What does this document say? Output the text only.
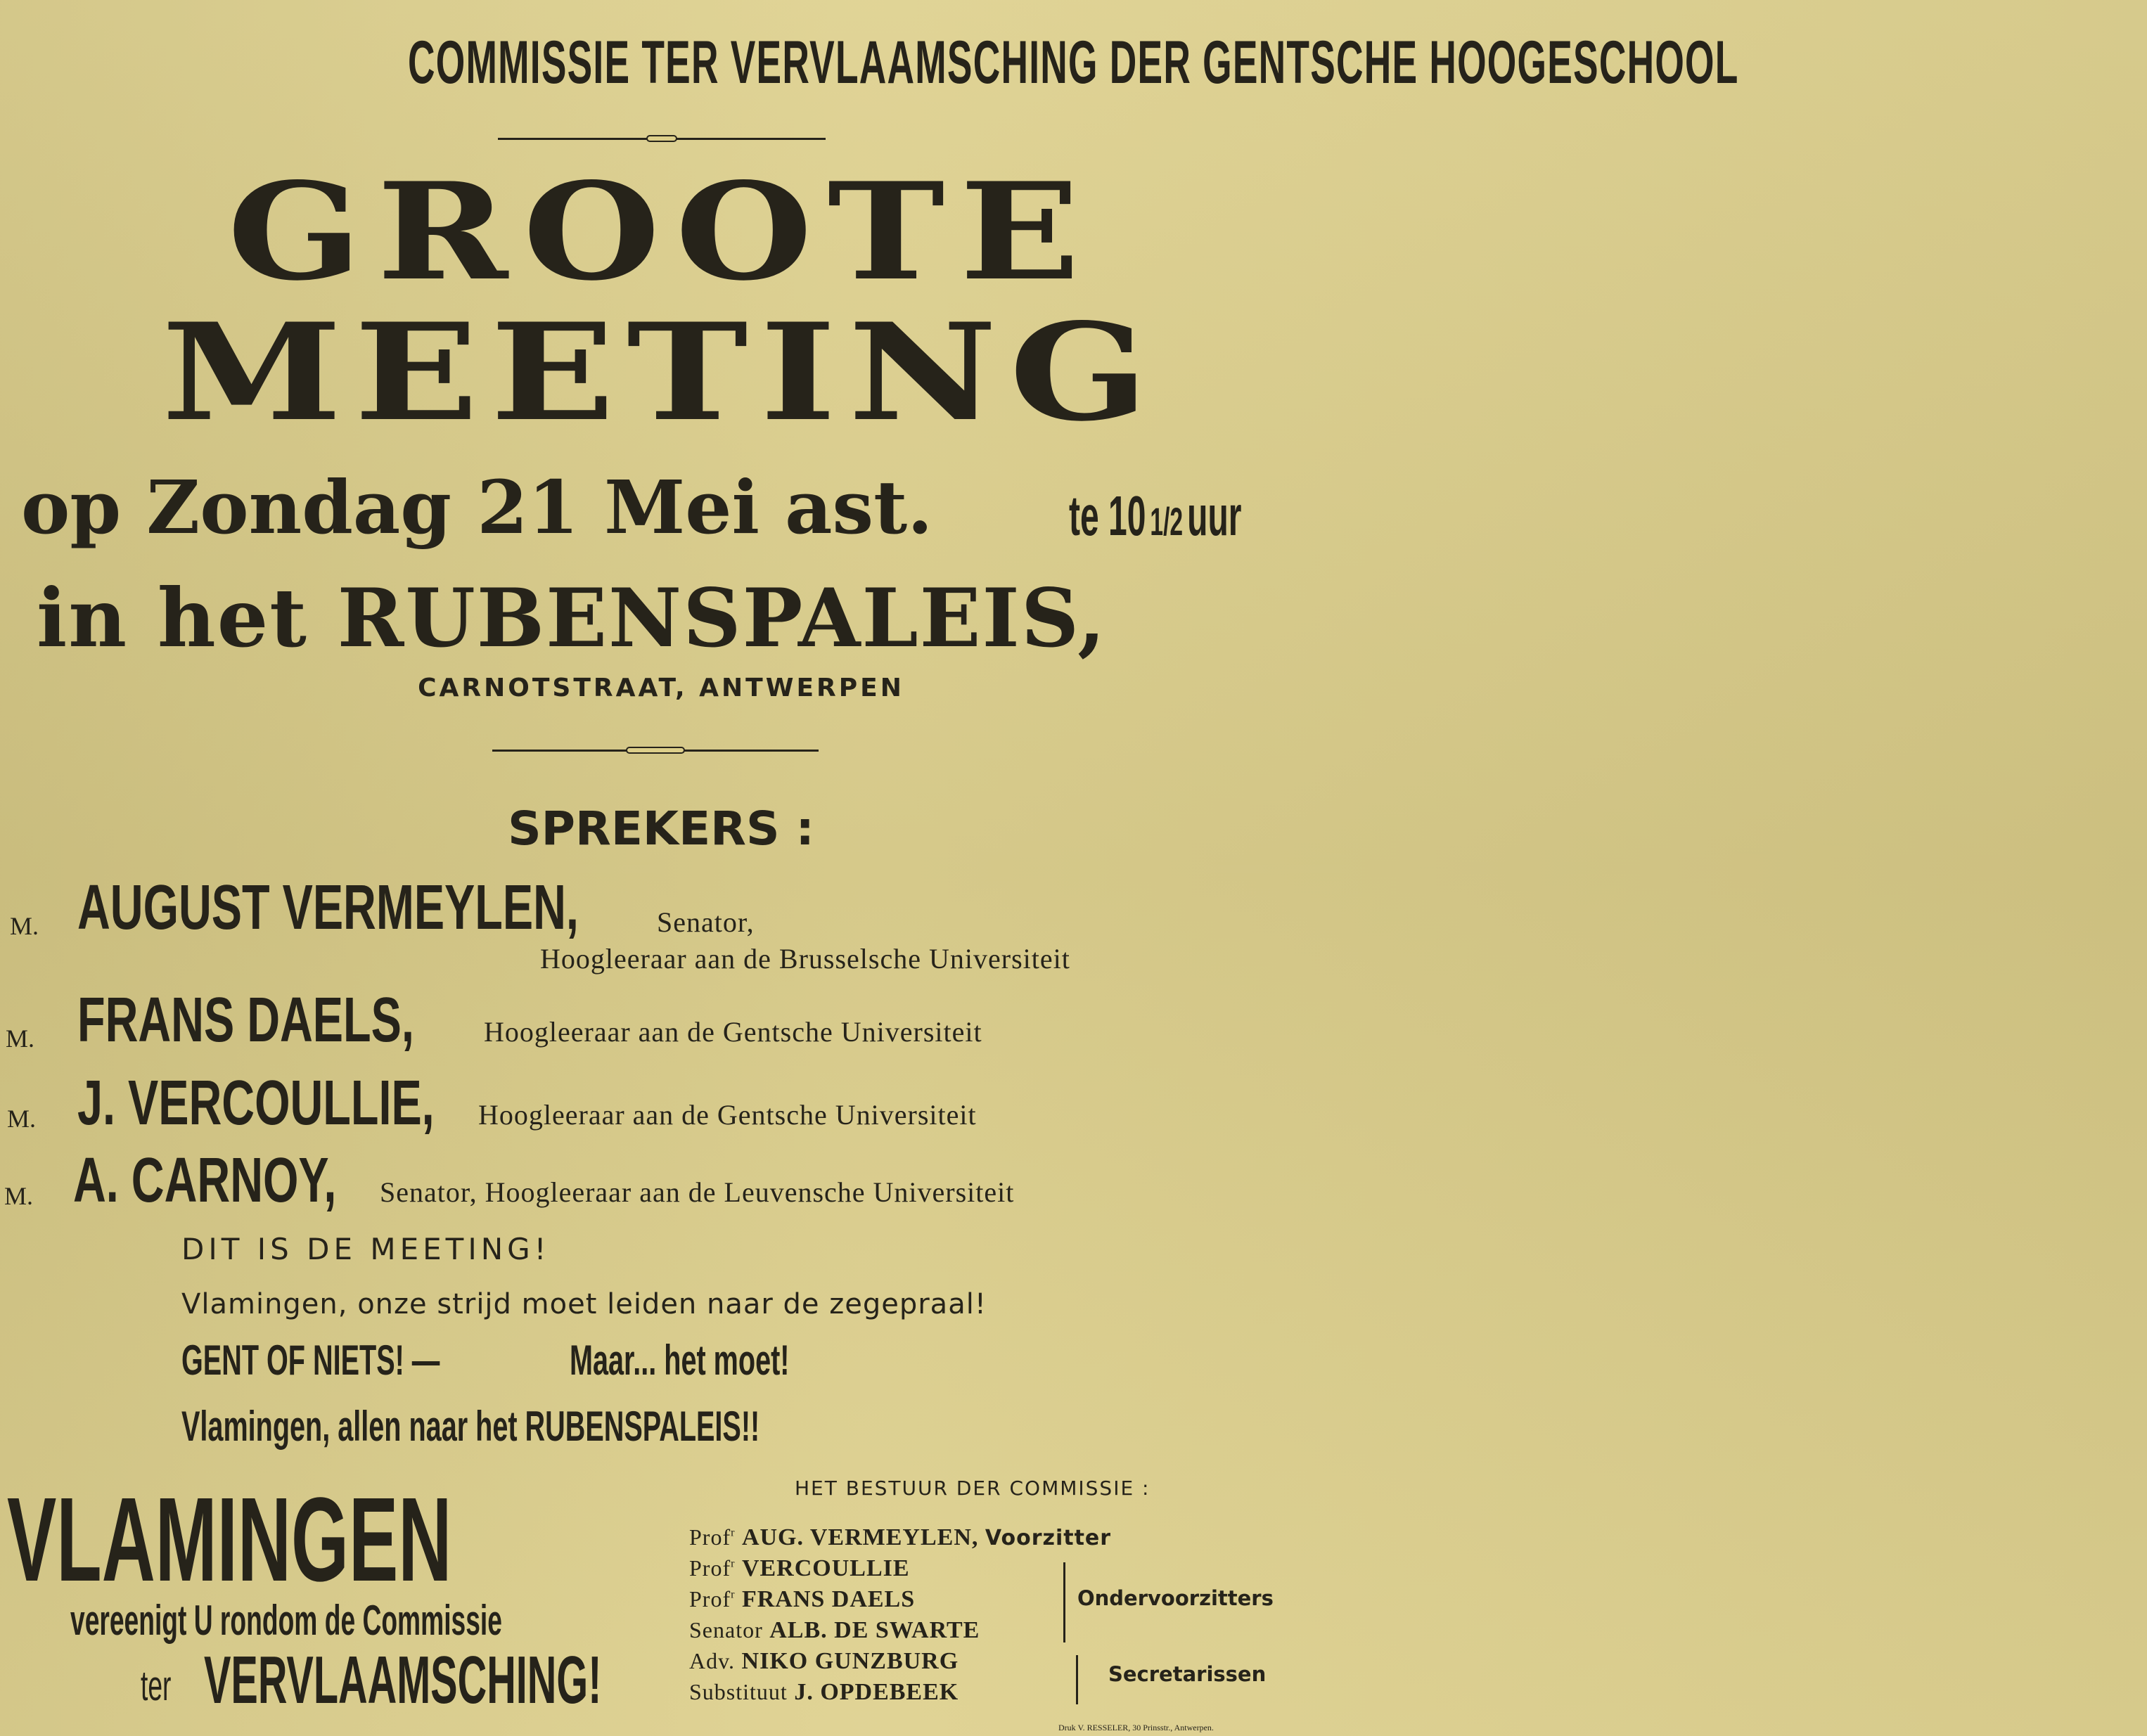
COMMISSIE TER VERVLAAMSCHING DER GENTSCHE HOOGESCHOOL
GROOTE
MEETING
op Zondag 21 Mei ast. te 10 1/2uur
in het RUBENSPALEIS,
CARNOTSTRAAT, ANTWERPEN
SPREKERS :
M. AUGUST VERMEYLEN,	Senator,
Hoogleeraar aan de Brusselsche Universiteit
M. FRANS DAELS, Hoogleeraar aan de Gentsche Universiteit
M. J. VERCOULLIE, Hoogleeraar aan de Gentsche Universiteit
M. A. CARNOY, Senator, Hoogleeraar aan de Leuvensche Universiteit
DIT IS DE MEETING!
Vlamingen, onze strijd moet leiden naar de zegepraal!
GENT OF NIETS! —	Maar... het moet!
Vlamingen, allen naar het RUBENSPALEIS!!
VLAMINGEN
vereenigt U rondom de Commissie
ter VERVLAAMSCHING!
HET BESTUUR DER COMMISSIE :
Prof$^r$ AUG. VERMEYLEN, Voorzitter
Prof$^r$ VERCOULLIE
Prof$^r$ FRANS DAELS
Senator ALB. DE SWARTE
Adv. NIKO GUNZBURG
Substituut J. OPDEBEEK
Ondervoorzitters
Secretarissen
Druk V. RESSELER, 30 Prinsstr., Antwerpen.
